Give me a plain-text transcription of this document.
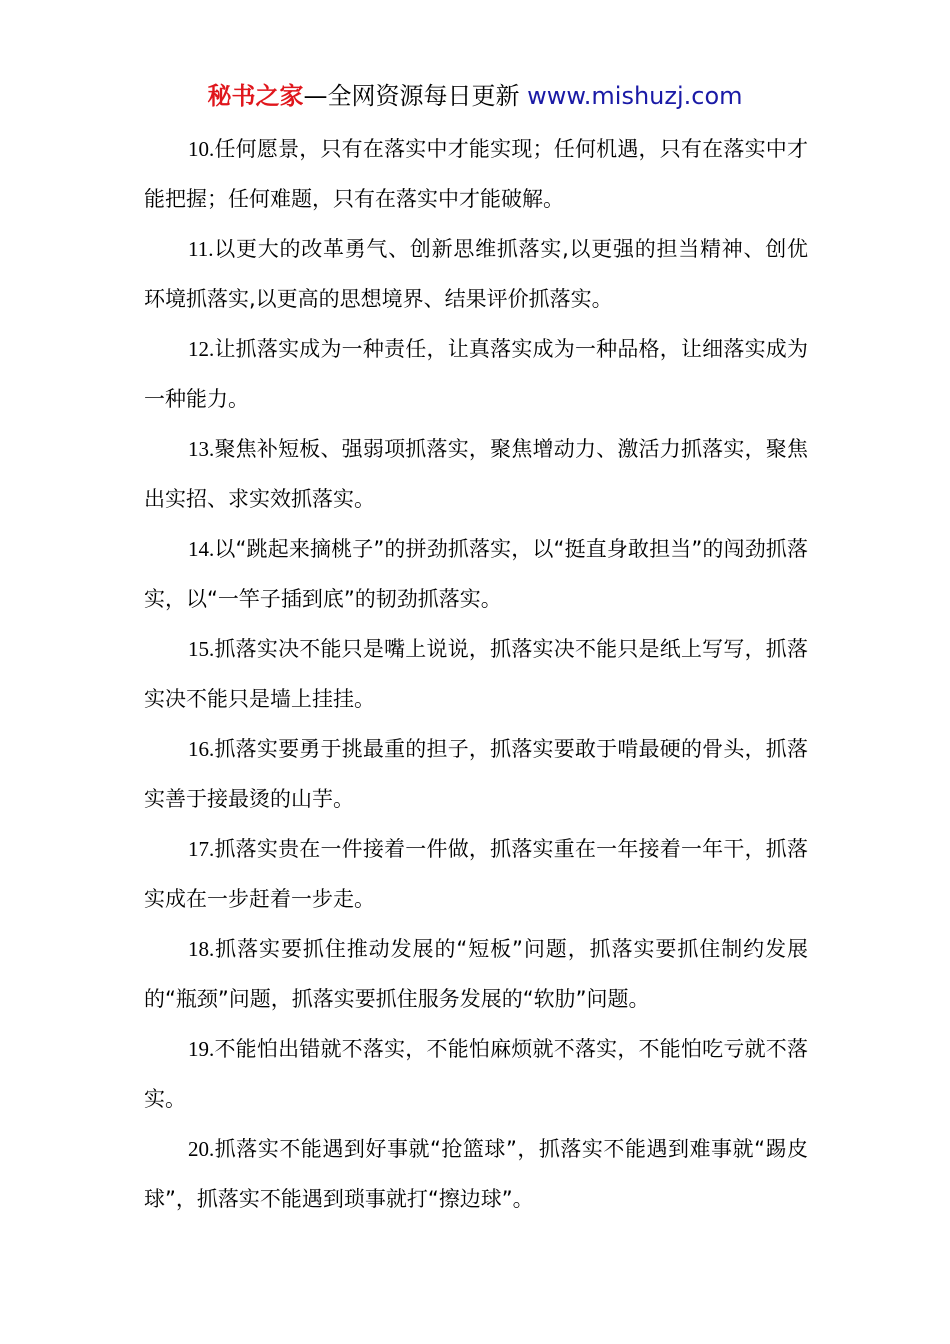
秘书之家—全网资源每日更新 www.mishuzj.com

10.任何愿景，只有在落实中才能实现；任何机遇，只有在落实中才能把握；任何难题，只有在落实中才能破解。

11.以更大的改革勇气、创新思维抓落实,以更强的担当精神、创优环境抓落实,以更高的思想境界、结果评价抓落实。

12.让抓落实成为一种责任，让真落实成为一种品格，让细落实成为一种能力。

13.聚焦补短板、强弱项抓落实，聚焦增动力、激活力抓落实，聚焦出实招、求实效抓落实。

14.以“跳起来摘桃子”的拼劲抓落实，以“挺直身敢担当”的闯劲抓落实，以“一竿子插到底”的韧劲抓落实。

15.抓落实决不能只是嘴上说说，抓落实决不能只是纸上写写，抓落实决不能只是墙上挂挂。

16.抓落实要勇于挑最重的担子，抓落实要敢于啃最硬的骨头，抓落实善于接最烫的山芋。

17.抓落实贵在一件接着一件做，抓落实重在一年接着一年干，抓落实成在一步赶着一步走。

18.抓落实要抓住推动发展的“短板”问题，抓落实要抓住制约发展的“瓶颈”问题，抓落实要抓住服务发展的“软肋”问题。

19.不能怕出错就不落实，不能怕麻烦就不落实，不能怕吃亏就不落实。

20.抓落实不能遇到好事就“抢篮球”，抓落实不能遇到难事就“踢皮球”，抓落实不能遇到琐事就打“擦边球”。
